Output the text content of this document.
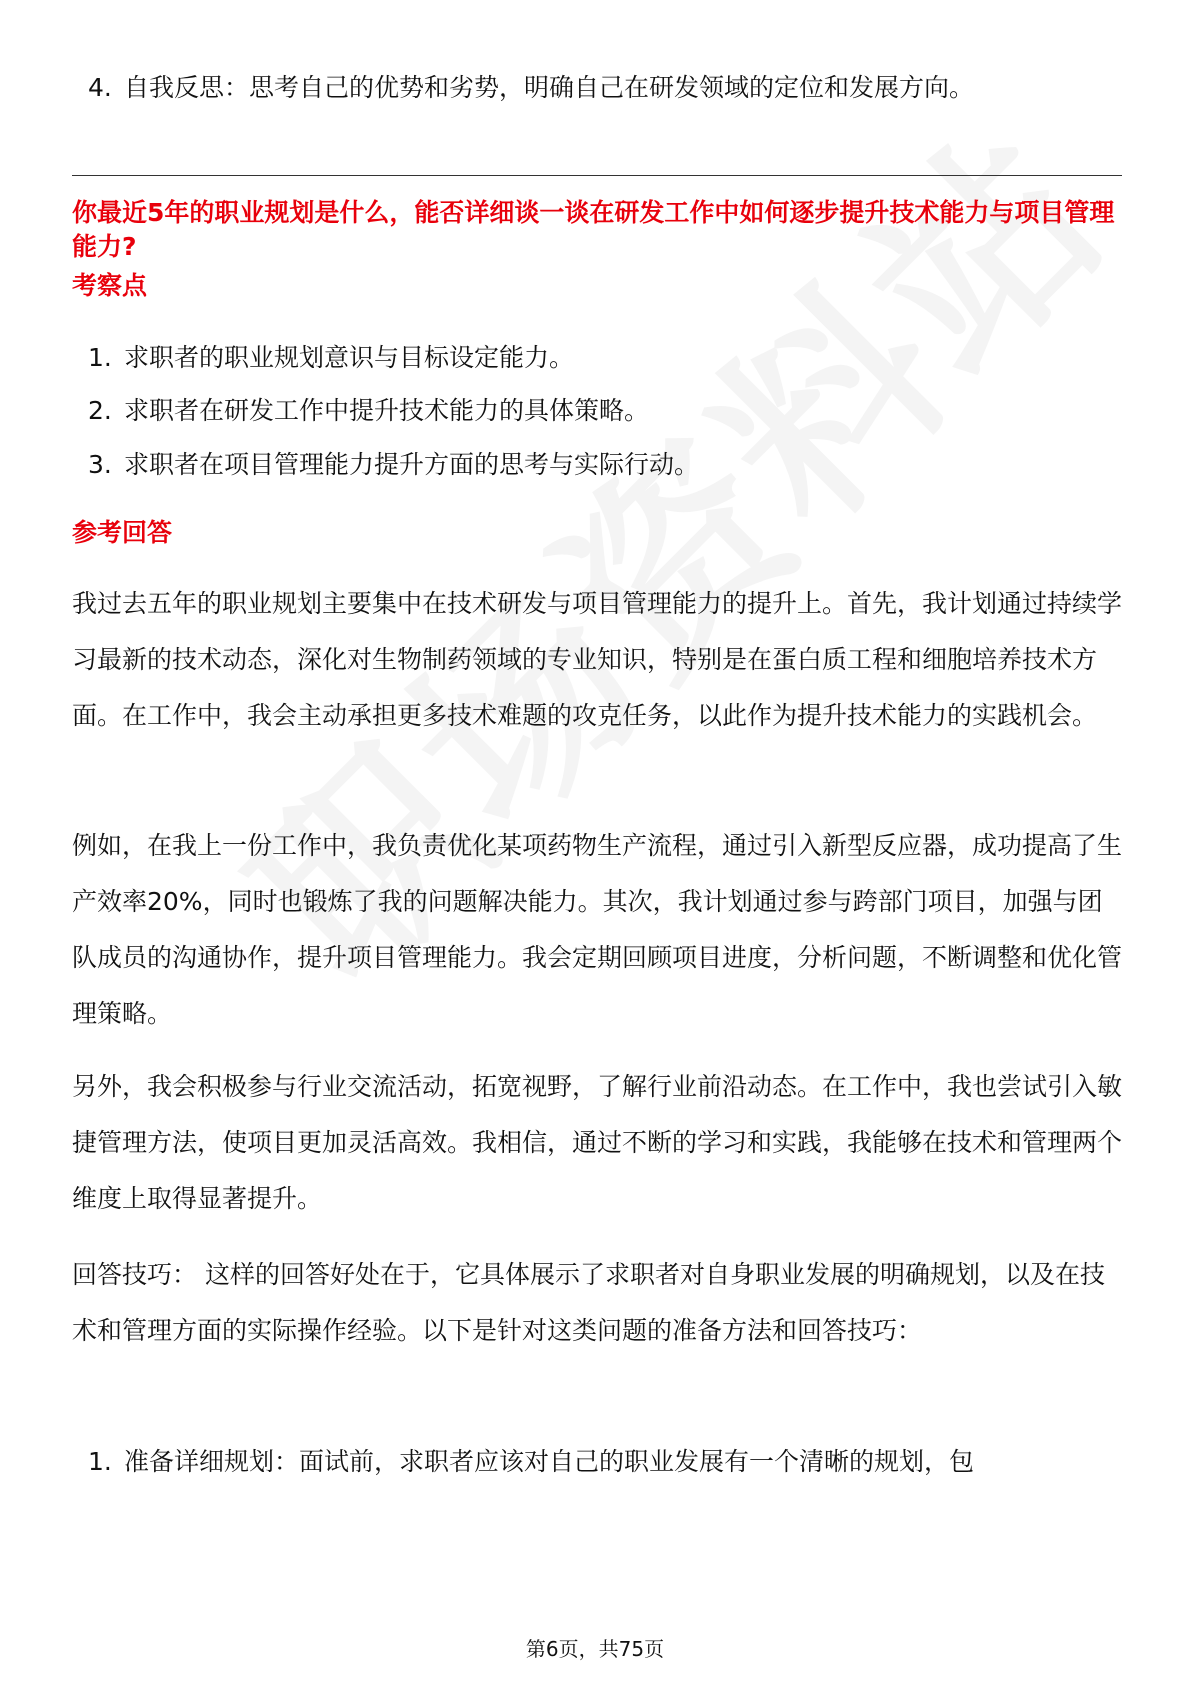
4. 自我反思：思考自己的优势和劣势，明确自己在研发领域的定位和发展方向。
你最近5年的职业规划是什么，能否详细谈一谈在研发工作中如何逐步提升技术能力与项目管理能力?
考察点
1. 求职者的职业规划意识与目标设定能力。
2. 求职者在研发工作中提升技术能力的具体策略。
3. 求职者在项目管理能力提升方面的思考与实际行动。
参考回答
我过去五年的职业规划主要集中在技术研发与项目管理能力的提升上。首先，我计划通过持续学习最新的技术动态，深化对生物制药领域的专业知识，特别是在蛋白质工程和细胞培养技术方面。在工作中，我会主动承担更多技术难题的攻克任务，以此作为提升技术能力的实践机会。
例如，在我上一份工作中，我负责优化某项药物生产流程，通过引入新型反应器，成功提高了生产效率20%，同时也锻炼了我的问题解决能力。其次，我计划通过参与跨部门项目，加强与团队成员的沟通协作，提升项目管理能力。我会定期回顾项目进度，分析问题，不断调整和优化管理策略。
另外，我会积极参与行业交流活动，拓宽视野，了解行业前沿动态。在工作中，我也尝试引入敏捷管理方法，使项目更加灵活高效。我相信，通过不断的学习和实践，我能够在技术和管理两个维度上取得显著提升。
回答技巧： 这样的回答好处在于，它具体展示了求职者对自身职业发展的明确规划，以及在技术和管理方面的实际操作经验。以下是针对这类问题的准备方法和回答技巧：
1. 准备详细规划：面试前，求职者应该对自己的职业发展有一个清晰的规划，包
第6页，共75页
